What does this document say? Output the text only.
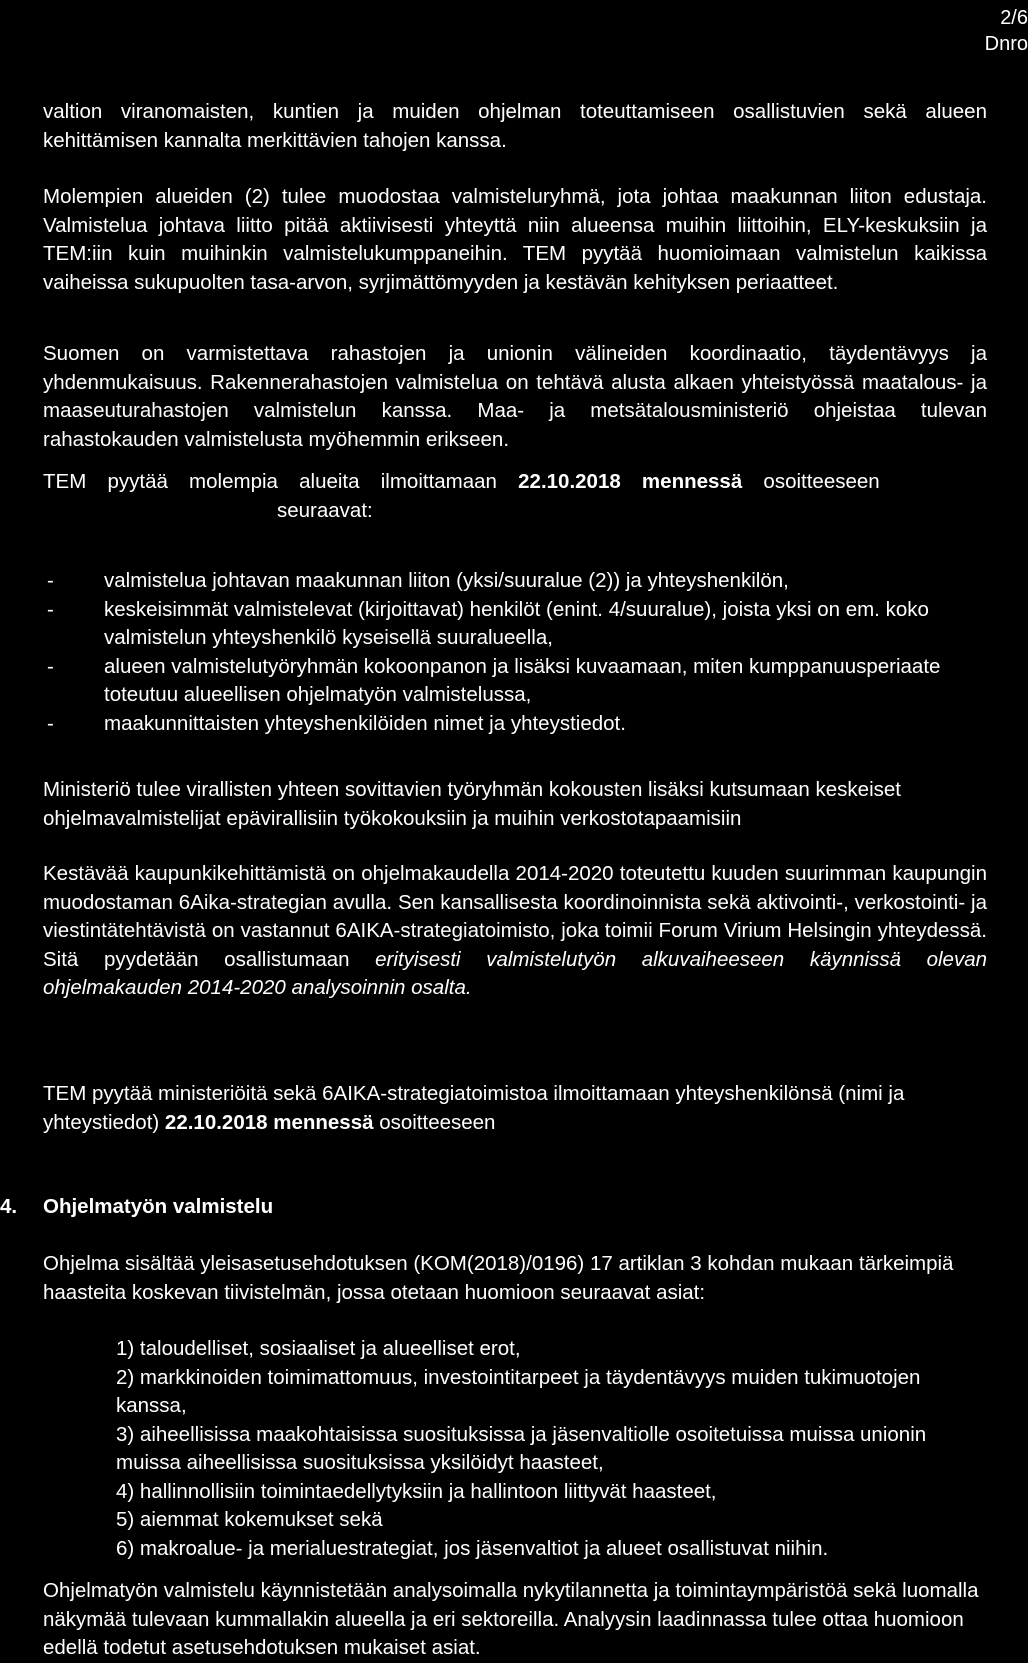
2/6
Dnro

valtion viranomaisten, kuntien ja muiden ohjelman toteuttamiseen osallistuvien sekä alueen kehittämisen kannalta merkittävien tahojen kanssa.

Molempien alueiden (2) tulee muodostaa valmisteluryhmä, jota johtaa maakunnan liiton edustaja. Valmistelua johtava liitto pitää aktiivisesti yhteyttä niin alueensa muihin liittoihin, ELY-keskuksiin ja TEM:iin kuin muihinkin valmistelukumppaneihin. TEM pyytää huomioimaan valmistelun kaikissa vaiheissa sukupuolten tasa-arvon, syrjimättömyyden ja kestävän kehityksen periaatteet.

Suomen on varmistettava rahastojen ja unionin välineiden koordinaatio, täydentävyys ja yhdenmukaisuus. Rakennerahastojen valmistelua on tehtävä alusta alkaen yhteistyössä maatalous- ja maaseuturahastojen valmistelun kanssa. Maa- ja metsätalousministeriö ohjeistaa tulevan rahastokauden valmistelusta myöhemmin erikseen.

TEM pyytää molempia alueita ilmoittamaan 22.10.2018 mennessä osoitteeseen
seuraavat:
- valmistelua johtavan maakunnan liiton (yksi/suuralue (2)) ja yhteyshenkilön,
- keskeisimmät valmistelevat (kirjoittavat) henkilöt (enint. 4/suuralue), joista yksi on em. koko valmistelun yhteyshenkilö kyseisellä suuralueella,
- alueen valmistelutyöryhmän kokoonpanon ja lisäksi kuvaamaan, miten kumppanuusperiaate toteutuu alueellisen ohjelmatyön valmistelussa,
- maakunnittaisten yhteyshenkilöiden nimet ja yhteystiedot.

Ministeriö tulee virallisten yhteen sovittavien työryhmän kokousten lisäksi kutsumaan keskeiset ohjelmavalmistelijat epävirallisiin työkokouksiin ja muihin verkostotapaamisiin

Kestävää kaupunkikehittämistä on ohjelmakaudella 2014-2020 toteutettu kuuden suurimman kaupungin muodostaman 6Aika-strategian avulla. Sen kansallisesta koordinoinnista sekä aktivointi-, verkostointi- ja viestintätehtävistä on vastannut 6AIKA-strategiatoimisto, joka toimii Forum Virium Helsingin yhteydessä. Sitä pyydetään osallistumaan erityisesti valmistelutyön alkuvaiheeseen käynnissä olevan ohjelmakauden 2014-2020 analysoinnin osalta.

TEM pyytää ministeriöitä sekä 6AIKA-strategiatoimistoa ilmoittamaan yhteyshenkilönsä (nimi ja yhteystiedot) 22.10.2018 mennessä osoitteeseen

4. Ohjelmatyön valmistelu

Ohjelma sisältää yleisasetusehdotuksen (KOM(2018)/0196) 17 artiklan 3 kohdan mukaan tärkeimpiä haasteita koskevan tiivistelmän, jossa otetaan huomioon seuraavat asiat:

1) taloudelliset, sosiaaliset ja alueelliset erot,
2) markkinoiden toimimattomuus, investointitarpeet ja täydentävyys muiden tukimuotojen kanssa,
3) aiheellisissa maakohtaisissa suosituksissa ja jäsenvaltiolle osoitetuissa muissa unionin muissa aiheellisissa suosituksissa yksilöidyt haasteet,
4) hallinnollisiin toimintaedellytyksiin ja hallintoon liittyvät haasteet,
5) aiemmat kokemukset sekä
6) makroalue- ja merialuestrategiat, jos jäsenvaltiot ja alueet osallistuvat niihin.

Ohjelmatyön valmistelu käynnistetään analysoimalla nykytilannetta ja toimintaympäristöä sekä luomalla näkymää tulevaan kummallakin alueella ja eri sektoreilla. Analyysin laadinnassa tulee ottaa huomioon edellä todetut asetusehdotuksen mukaiset asiat.
